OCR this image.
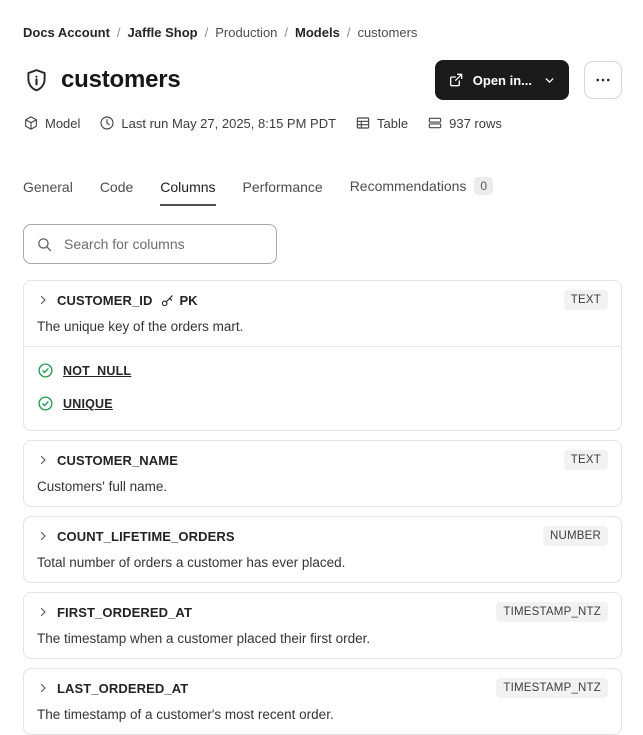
Docs Account / Jaffle Shop / Production / Models / customers
customers	Open in...
Model	Last run May 27, 2025, 8:15 PM PDT	Table	937 rows
General Code Columns Performance Recommendations	0
Search for columns
CUSTOMER_ID PK	TEXT
The unique key of the orders mart.
NOT_NULL
UNIQUE
CUSTOMER_NAME	TEXT
Customers' full name.
COUNT_LIFETIME_ORDERS	NUMBER
Total number of orders a customer has ever placed.
FIRST_ORDERED_AT	TIMESTAMP_NTZ
The timestamp when a customer placed their first order.
LAST_ORDERED_AT	TIMESTAMP_NTZ
The timestamp of a customer's most recent order.
